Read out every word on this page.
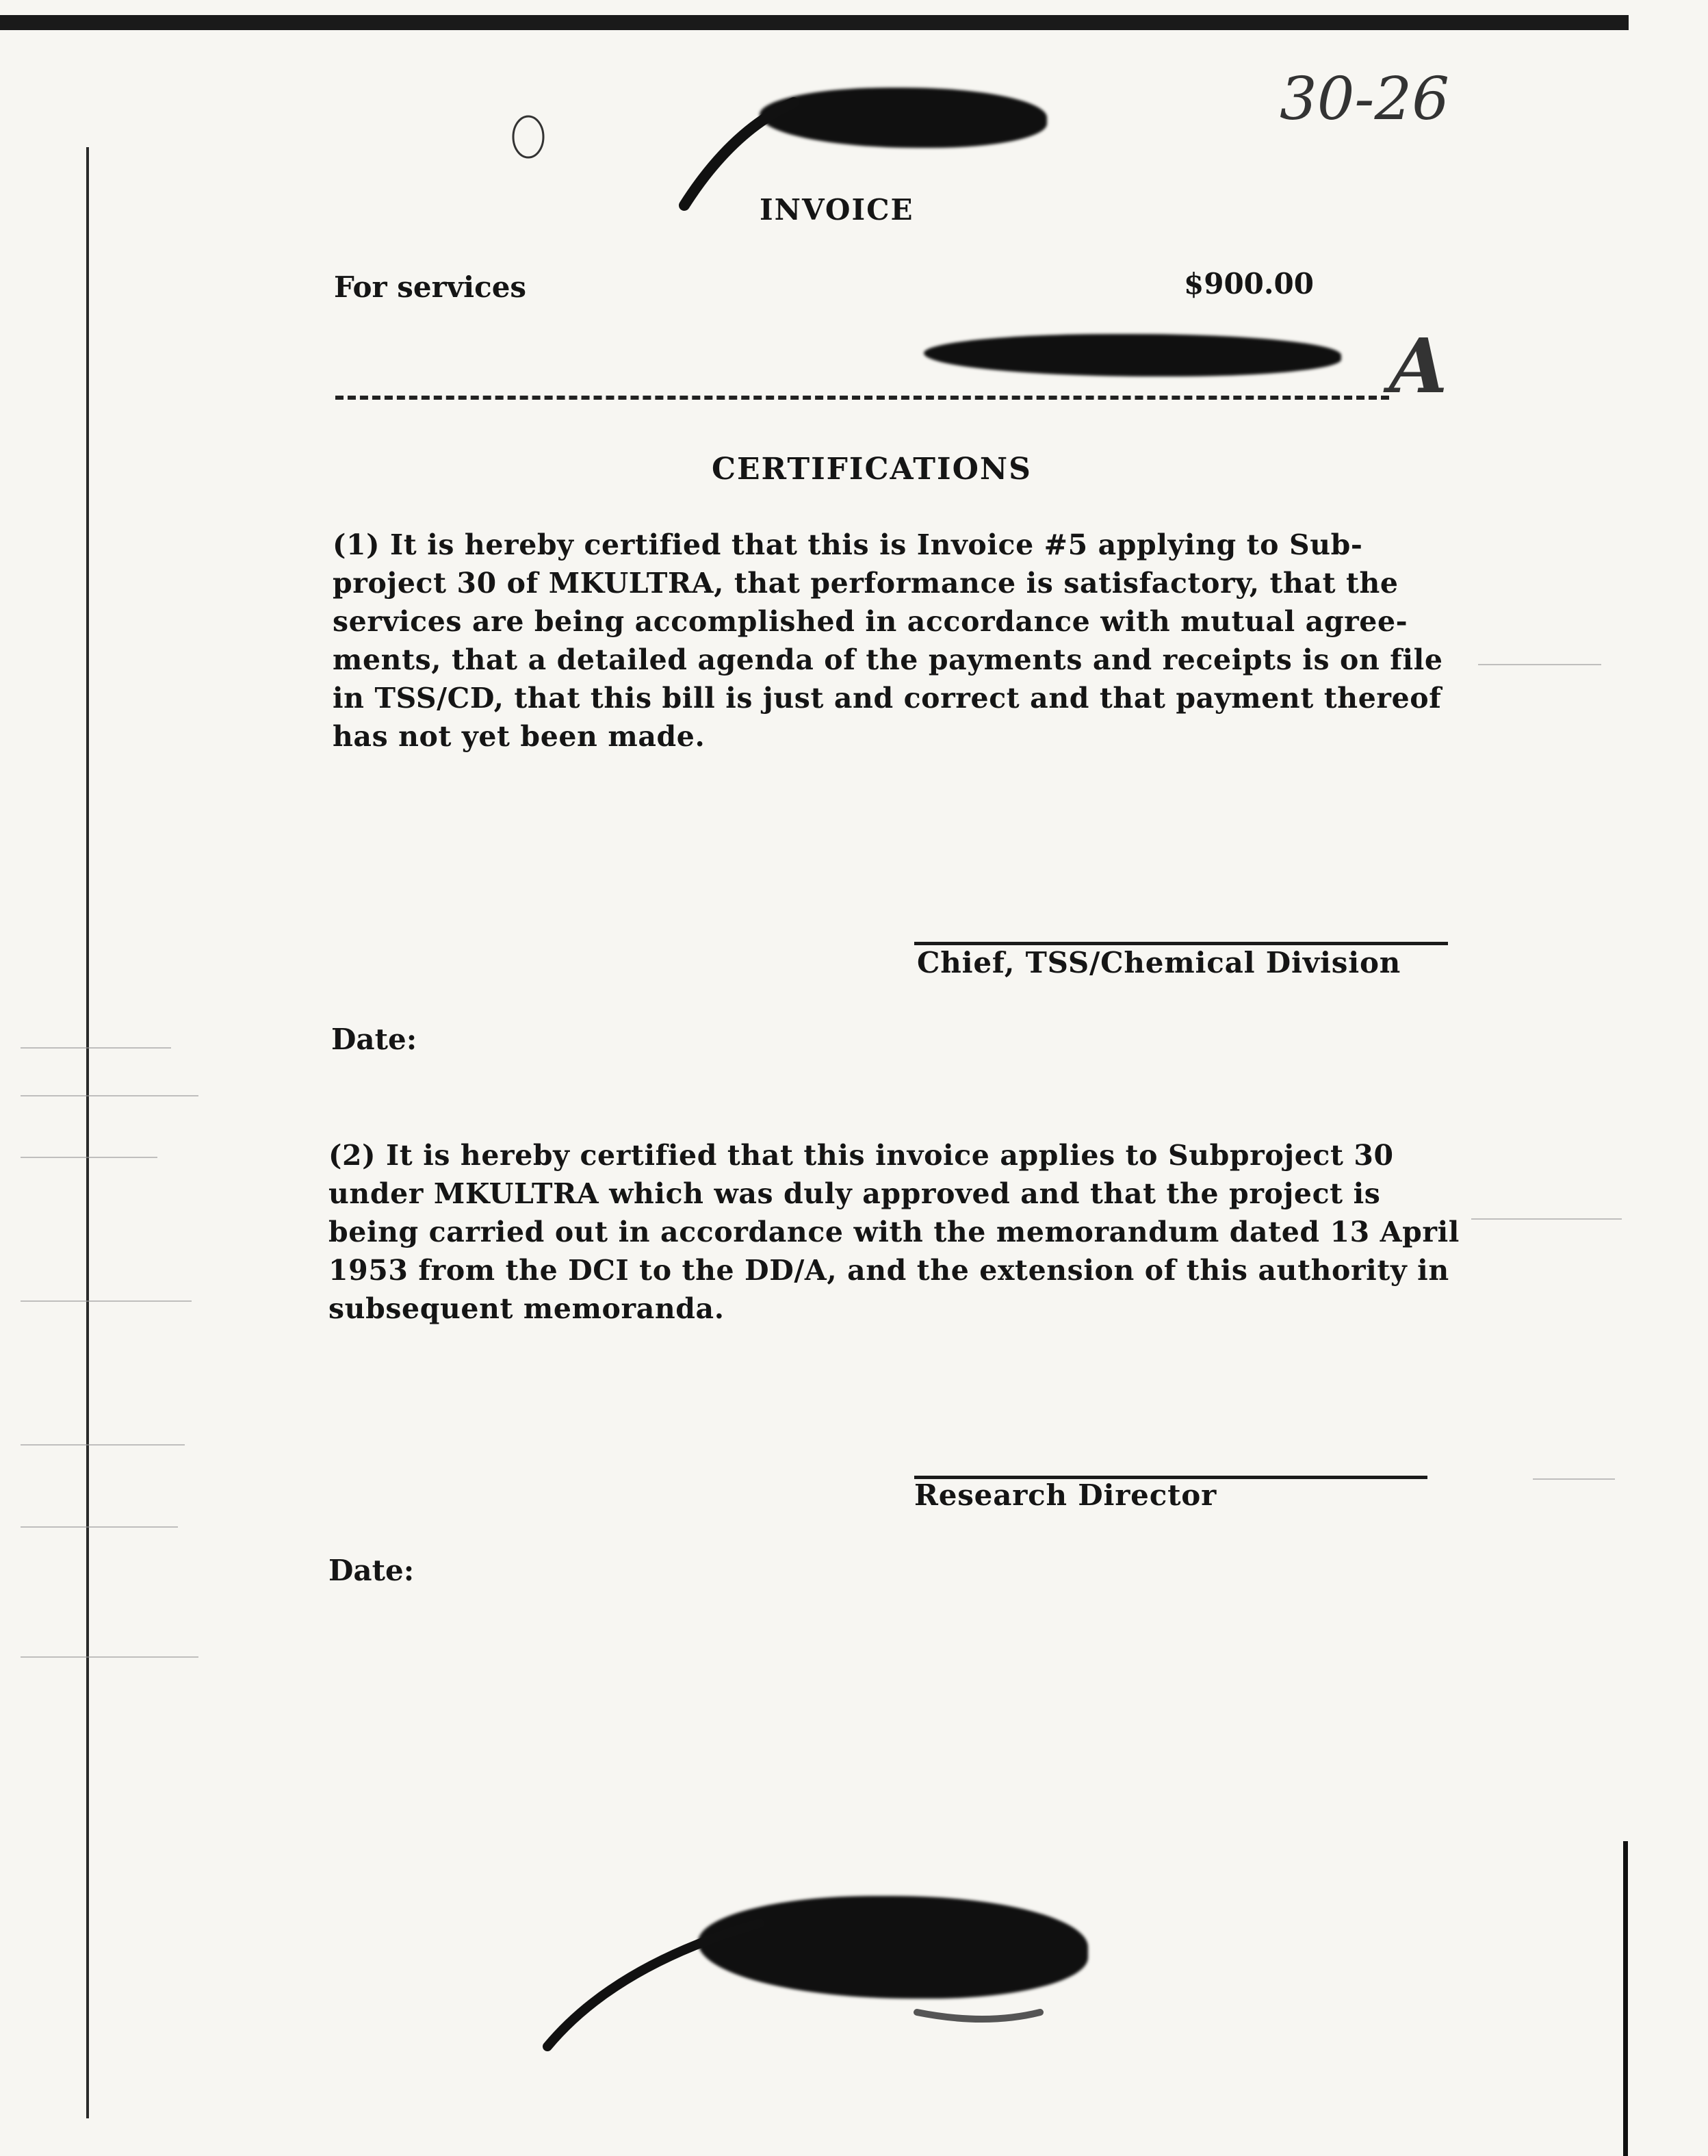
30-26
A
INVOICE
For services	$900.00
CERTIFICATIONS
(1) It is hereby certified that this is Invoice #5 applying to Sub-
project 30 of MKULTRA, that performance is satisfactory, that the
services are being accomplished in accordance with mutual agree-
ments, that a detailed agenda of the payments and receipts is on file
in TSS/CD, that this bill is just and correct and that payment thereof
has not yet been made.
Chief, TSS/Chemical Division
Date:
(2) It is hereby certified that this invoice applies to Subproject 30
under MKULTRA which was duly approved and that the project is
being carried out in accordance with the memorandum dated 13 April
1953 from the DCI to the DD/A, and the extension of this authority in
subsequent memoranda.
Research Director
Date:
